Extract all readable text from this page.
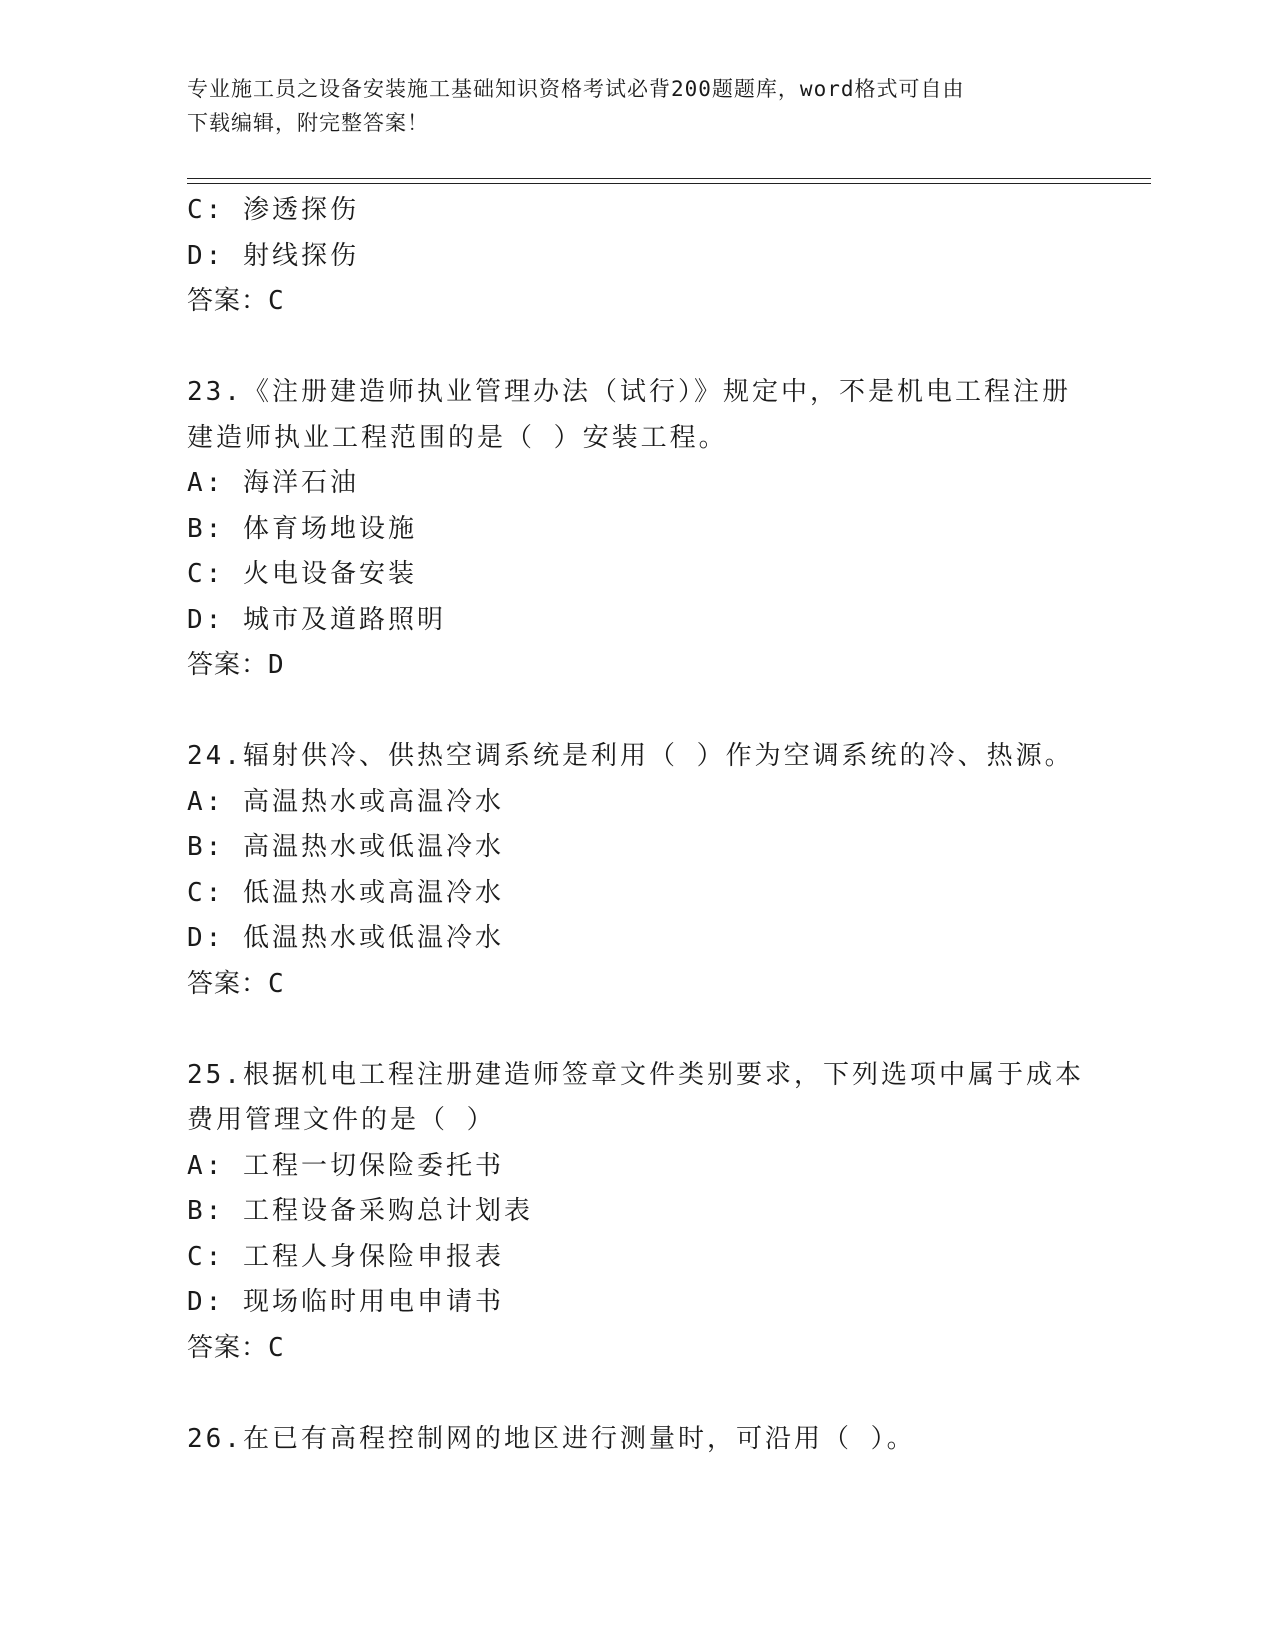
专业施工员之设备安装施工基础知识资格考试必背200题题库，word格式可自由
下载编辑，附完整答案！
C: 渗透探伤
D: 射线探伤
答案：C
23.《注册建造师执业管理办法（试行）》规定中，不是机电工程注册
建造师执业工程范围的是（ ）安装工程。
A: 海洋石油
B: 体育场地设施
C: 火电设备安装
D: 城市及道路照明
答案：D
24.辐射供冷、供热空调系统是利用（ ）作为空调系统的冷、热源。
A: 高温热水或高温冷水
B: 高温热水或低温冷水
C: 低温热水或高温冷水
D: 低温热水或低温冷水
答案：C
25.根据机电工程注册建造师签章文件类别要求，下列选项中属于成本
费用管理文件的是（ ）
A: 工程一切保险委托书
B: 工程设备采购总计划表
C: 工程人身保险申报表
D: 现场临时用电申请书
答案：C
26.在已有高程控制网的地区进行测量时，可沿用（ ）。
